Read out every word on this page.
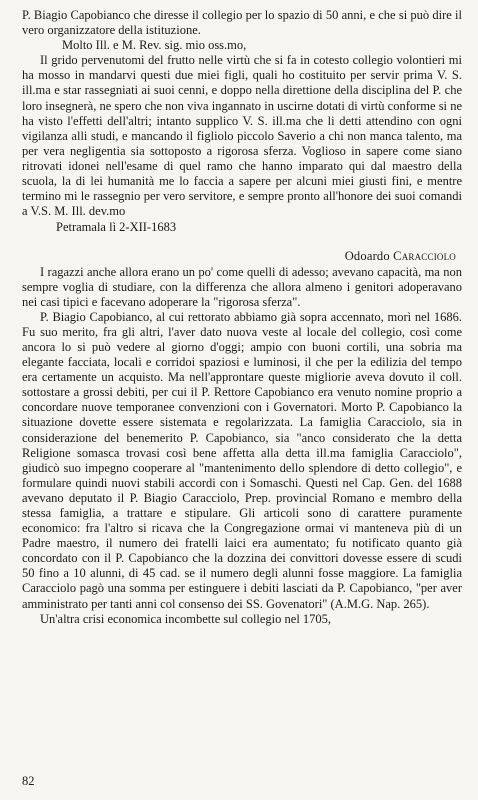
P. Biagio Capobianco che diresse il collegio per lo spazio di 50 anni, e che si può dire il vero organizzatore della istituzione.

Molto Ill. e M. Rev. sig. mio oss.mo,

Il grido pervenutomi del frutto nelle virtù che si fa in cotesto collegio volontieri mi ha mosso in mandarvi questi due miei figli, quali ho costituito per servir prima V. S. ill.ma e star rassegniati ai suoi cenni, e doppo nella direttione della disciplina del P. che loro insegnerà, ne spero che non viva ingannato in uscirne dotati di virtù conforme si ne ha visto l'effetti dell'altri; intanto supplico V. S. ill.ma che li detti attendino con ogni vigilanza alli studi, e mancando il figliolo piccolo Saverio a chi non manca talento, ma per vera negligentia sia sottoposto a rigorosa sferza. Voglioso in sapere come siano ritrovati idonei nell'esame di quel ramo che hanno imparato qui dal maestro della scuola, la di lei humanità me lo faccia a sapere per alcuni miei giusti fini, e mentre termino mi le rassegnio per vero servitore, e sempre pronto all'honore dei suoi comandi a V.S. M. Ill. dev.mo

Petramala lì 2-XII-1683

Odoardo Caracciolo

I ragazzi anche allora erano un po' come quelli di adesso; avevano capacità, ma non sempre voglia di studiare, con la differenza che allora almeno i genitori adoperavano nei casi tipici e facevano adoperare la "rigorosa sferza".

P. Biagio Capobianco, al cui rettorato abbiamo già sopra accennato, morì nel 1686. Fu suo merito, fra gli altri, l'aver dato nuova veste al locale del collegio, così come ancora lo si può vedere al giorno d'oggi; ampio con buoni cortili, una sobria ma elegante facciata, locali e corridoi spaziosi e luminosi, il che per la edilizia del tempo era certamente un acquisto. Ma nell'approntare queste migliorie aveva dovuto il coll. sottostare a grossi debiti, per cui il P. Rettore Capobianco era venuto nomine proprio a concordare nuove temporanee convenzioni con i Governatori. Morto P. Capobianco la situazione dovette essere sistemata e regolarizzata. La famiglia Caracciolo, sia in considerazione del benemerito P. Capobianco, sia "anco considerato che la detta Religione somasca trovasi così bene affetta alla detta ill.ma famiglia Caracciolo", giudicò suo impegno cooperare al "mantenimento dello splendore di detto collegio", e formulare quindi nuovi stabili accordi con i Somaschi. Questi nel Cap. Gen. del 1688 avevano deputato il P. Biagio Caracciolo, Prep. provincial Romano e membro della stessa famiglia, a trattare e stipulare. Gli articoli sono di carattere puramente economico: fra l'altro si ricava che la Congregazione ormai vi manteneva più di un Padre maestro, il numero dei fratelli laici era aumentato; fu notificato quanto già concordato con il P. Capobianco che la dozzina dei convittori dovesse essere di scudi 50 fino a 10 alunni, di 45 cad. se il numero degli alunni fosse maggiore. La famiglia Caracciolo pagò una somma per estinguere i debiti lasciati da P. Capobianco, "per aver amministrato per tanti anni col consenso dei SS. Govenatori" (A.M.G. Nap. 265).

Un'altra crisi economica incombette sul collegio nel 1705,

82
